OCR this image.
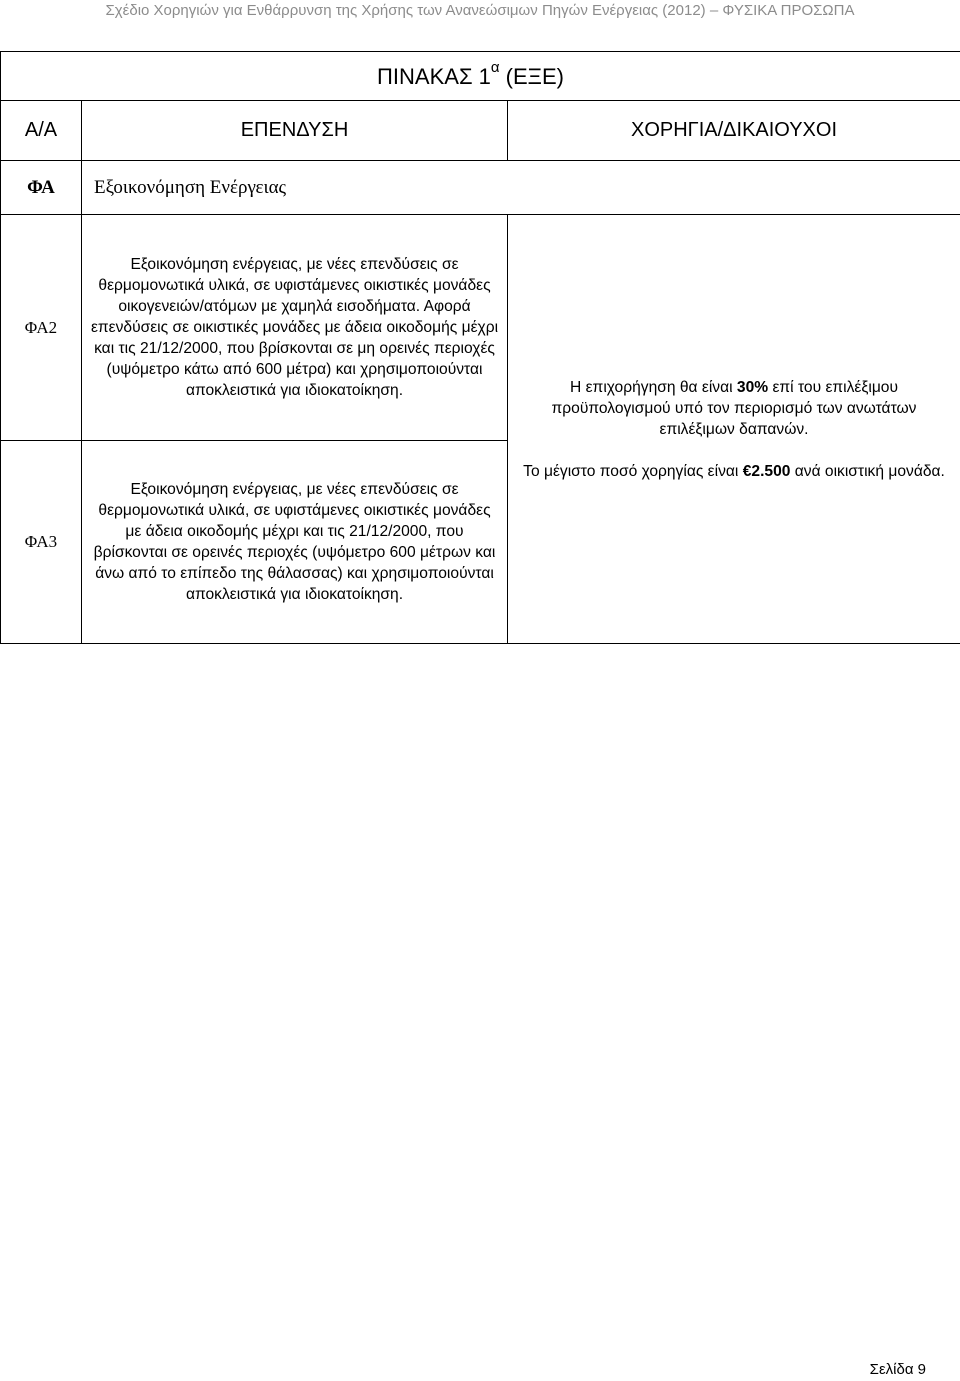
Σχέδιο Χορηγιών για Ενθάρρυνση της Χρήσης των Ανανεώσιμων Πηγών Ενέργειας (2012) – ΦΥΣΙΚΑ ΠΡΟΣΩΠΑ
ΠΙΝΑΚΑΣ $1^\alpha$ (ΕΞΕ)		
Α/Α	ΕΠΕΝΔΥΣΗ	ΧΟΡΗΓΙΑ/ΔΙΚΑΙΟΥΧΟΙ
ΦΑ	Εξοικονόμηση Ενέργειας	
ΦΑ2	Εξοικονόμηση ενέργειας, με νέες επενδύσεις σε θερμομονωτικά υλικά, σε υφιστάμενες οικιστικές μονάδες οικογενειών/ατόμων με χαμηλά εισοδήματα. Αφορά επενδύσεις σε οικιστικές μονάδες με άδεια οικοδομής μέχρι και τις 21/12/2000, που βρίσκονται σε μη ορεινές περιοχές (υψόμετρο κάτω από 600 μέτρα) και χρησιμοποιούνται αποκλειστικά για ιδιοκατοίκηση.	Η επιχορήγηση θα είναι 30% επί του επιλέξιμου προϋπολογισμού υπό τον περιορισμό των ανωτάτων επιλέξιμων δαπανών.

Το μέγιστο ποσό χορηγίας είναι €2.500 ανά οικιστική μονάδα.

ΦΑ3	Εξοικονόμηση ενέργειας, με νέες επενδύσεις σε θερμομονωτικά υλικά, σε υφιστάμενες οικιστικές μονάδες με άδεια οικοδομής μέχρι και τις 21/12/2000, που βρίσκονται σε ορεινές περιοχές (υψόμετρο 600 μέτρων και άνω από το επίπεδο της θάλασσας) και χρησιμοποιούνται αποκλειστικά για ιδιοκατοίκηση.	
Σελίδα 9
